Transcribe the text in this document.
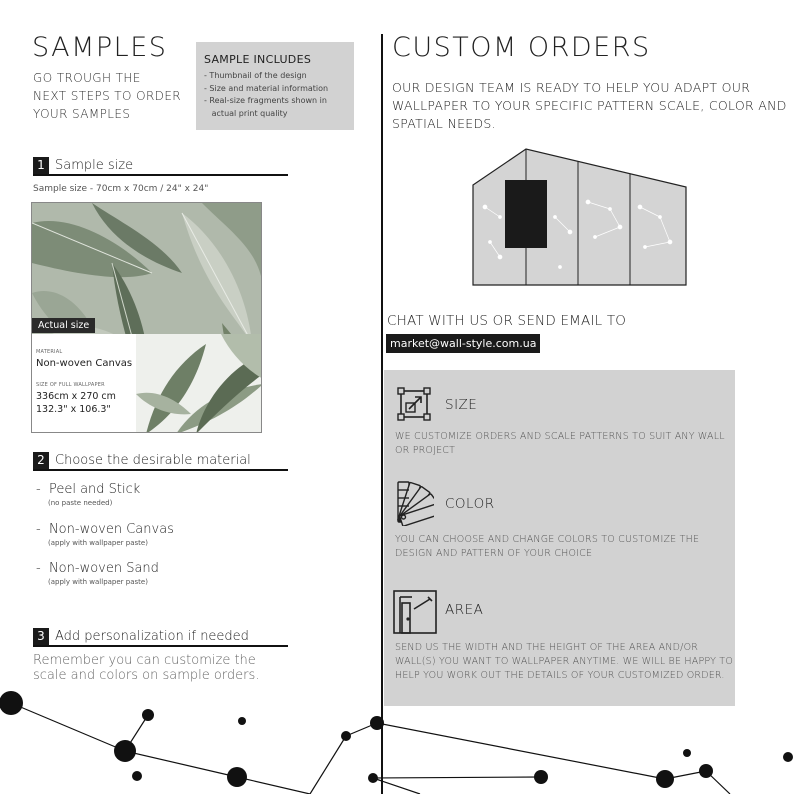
SAMPLES
GO TROUGH THE
NEXT STEPS TO ORDER
YOUR SAMPLES
SAMPLE INCLUDES
- Thumbnail of the design
- Size and material information
- Real-size fragments shown in
actual print quality
1 Sample size
Sample size - 70cm x 70cm / 24" x 24"
Actual size
MATERIAL
Non-woven Canvas
SIZE OF FULL WALLPAPER
336cm x 270 cm
132.3" x 106.3"
2 Choose the desirable material
-  Peel and Stick
(no paste needed)
-  Non-woven Canvas
(apply with wallpaper paste)
-  Non-woven Sand
(apply with wallpaper paste)
3 Add personalization if needed
Remember you can customize the
scale and colors on sample orders.
CUSTOM ORDERS
OUR DESIGN TEAM IS READY TO HELP YOU ADAPT OUR
WALLPAPER TO YOUR SPECIFIC PATTERN SCALE, COLOR AND
SPATIAL NEEDS.
CHAT WITH US OR SEND EMAIL TO
market@wall-style.com.ua
SIZE
WE CUSTOMIZE ORDERS AND SCALE PATTERNS TO SUIT ANY WALL
OR PROJECT
COLOR
YOU CAN CHOOSE AND CHANGE COLORS TO CUSTOMIZE THE
DESIGN AND PATTERN OF YOUR CHOICE
AREA
SEND US THE WIDTH AND THE HEIGHT OF THE AREA AND/OR
WALL(S) YOU WANT TO WALLPAPER ANYTIME. WE WILL BE HAPPY TO
HELP YOU WORK OUT THE DETAILS OF YOUR CUSTOMIZED ORDER.
